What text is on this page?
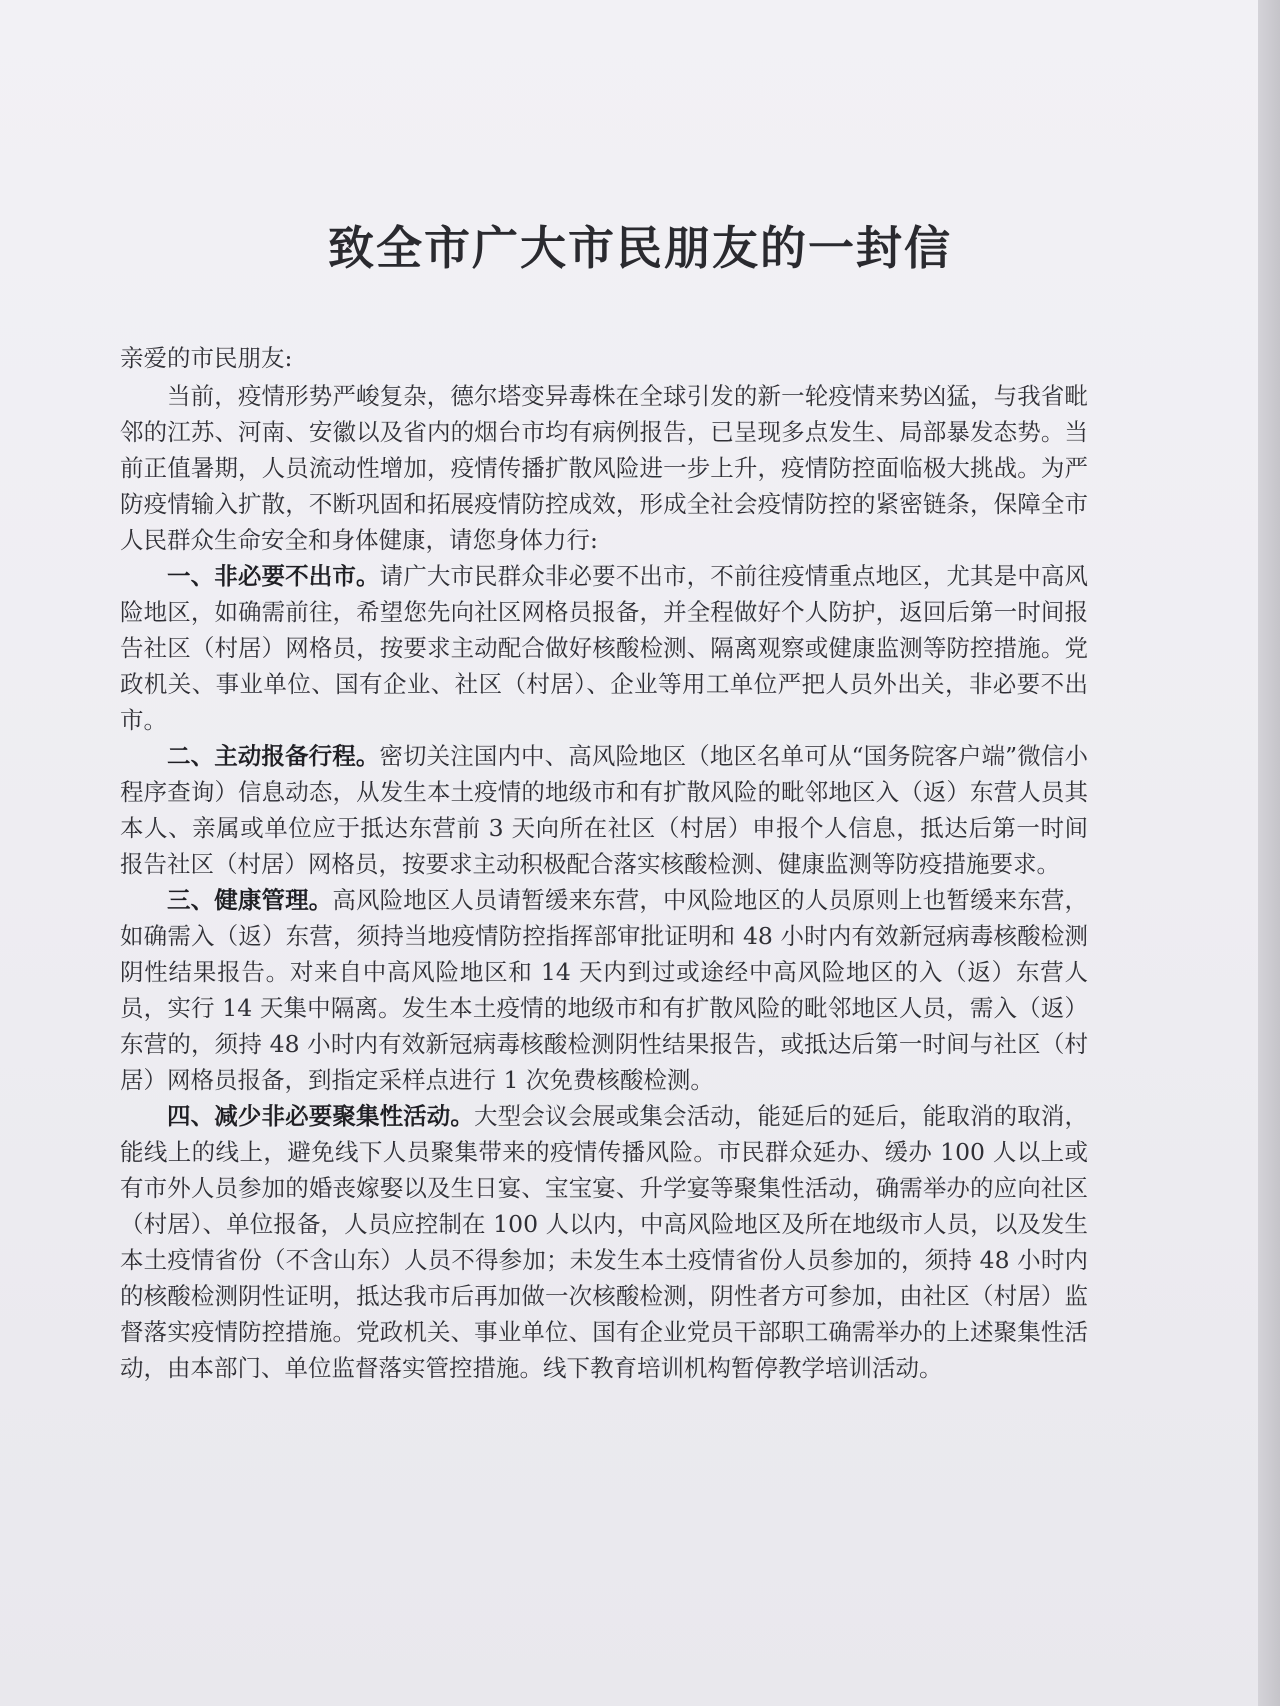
致全市广大市民朋友的一封信
亲爱的市民朋友:

当前，疫情形势严峻复杂，德尔塔变异毒株在全球引发的新一轮疫情来势凶猛，与我省毗邻的江苏、河南、安徽以及省内的烟台市均有病例报告，已呈现多点发生、局部暴发态势。当前正值暑期，人员流动性增加，疫情传播扩散风险进一步上升，疫情防控面临极大挑战。为严防疫情输入扩散，不断巩固和拓展疫情防控成效，形成全社会疫情防控的紧密链条，保障全市人民群众生命安全和身体健康，请您身体力行:

一、非必要不出市。请广大市民群众非必要不出市，不前往疫情重点地区，尤其是中高风险地区，如确需前往，希望您先向社区网格员报备，并全程做好个人防护，返回后第一时间报告社区（村居）网格员，按要求主动配合做好核酸检测、隔离观察或健康监测等防控措施。党政机关、事业单位、国有企业、社区（村居）、企业等用工单位严把人员外出关，非必要不出市。

二、主动报备行程。密切关注国内中、高风险地区（地区名单可从“国务院客户端”微信小程序查询）信息动态，从发生本土疫情的地级市和有扩散风险的毗邻地区入（返）东营人员其本人、亲属或单位应于抵达东营前 3 天向所在社区（村居）申报个人信息，抵达后第一时间报告社区（村居）网格员，按要求主动积极配合落实核酸检测、健康监测等防疫措施要求。

三、健康管理。高风险地区人员请暂缓来东营，中风险地区的人员原则上也暂缓来东营，如确需入（返）东营，须持当地疫情防控指挥部审批证明和 48 小时内有效新冠病毒核酸检测阴性结果报告。对来自中高风险地区和 14 天内到过或途经中高风险地区的入（返）东营人员，实行 14 天集中隔离。发生本土疫情的地级市和有扩散风险的毗邻地区人员，需入（返）东营的，须持 48 小时内有效新冠病毒核酸检测阴性结果报告，或抵达后第一时间与社区（村居）网格员报备，到指定采样点进行 1 次免费核酸检测。

四、减少非必要聚集性活动。大型会议会展或集会活动，能延后的延后，能取消的取消，能线上的线上，避免线下人员聚集带来的疫情传播风险。市民群众延办、缓办 100 人以上或有市外人员参加的婚丧嫁娶以及生日宴、宝宝宴、升学宴等聚集性活动，确需举办的应向社区（村居）、单位报备，人员应控制在 100 人以内，中高风险地区及所在地级市人员，以及发生本土疫情省份（不含山东）人员不得参加；未发生本土疫情省份人员参加的，须持 48 小时内的核酸检测阴性证明，抵达我市后再加做一次核酸检测，阴性者方可参加，由社区（村居）监督落实疫情防控措施。党政机关、事业单位、国有企业党员干部职工确需举办的上述聚集性活动，由本部门、单位监督落实管控措施。线下教育培训机构暂停教学培训活动。
